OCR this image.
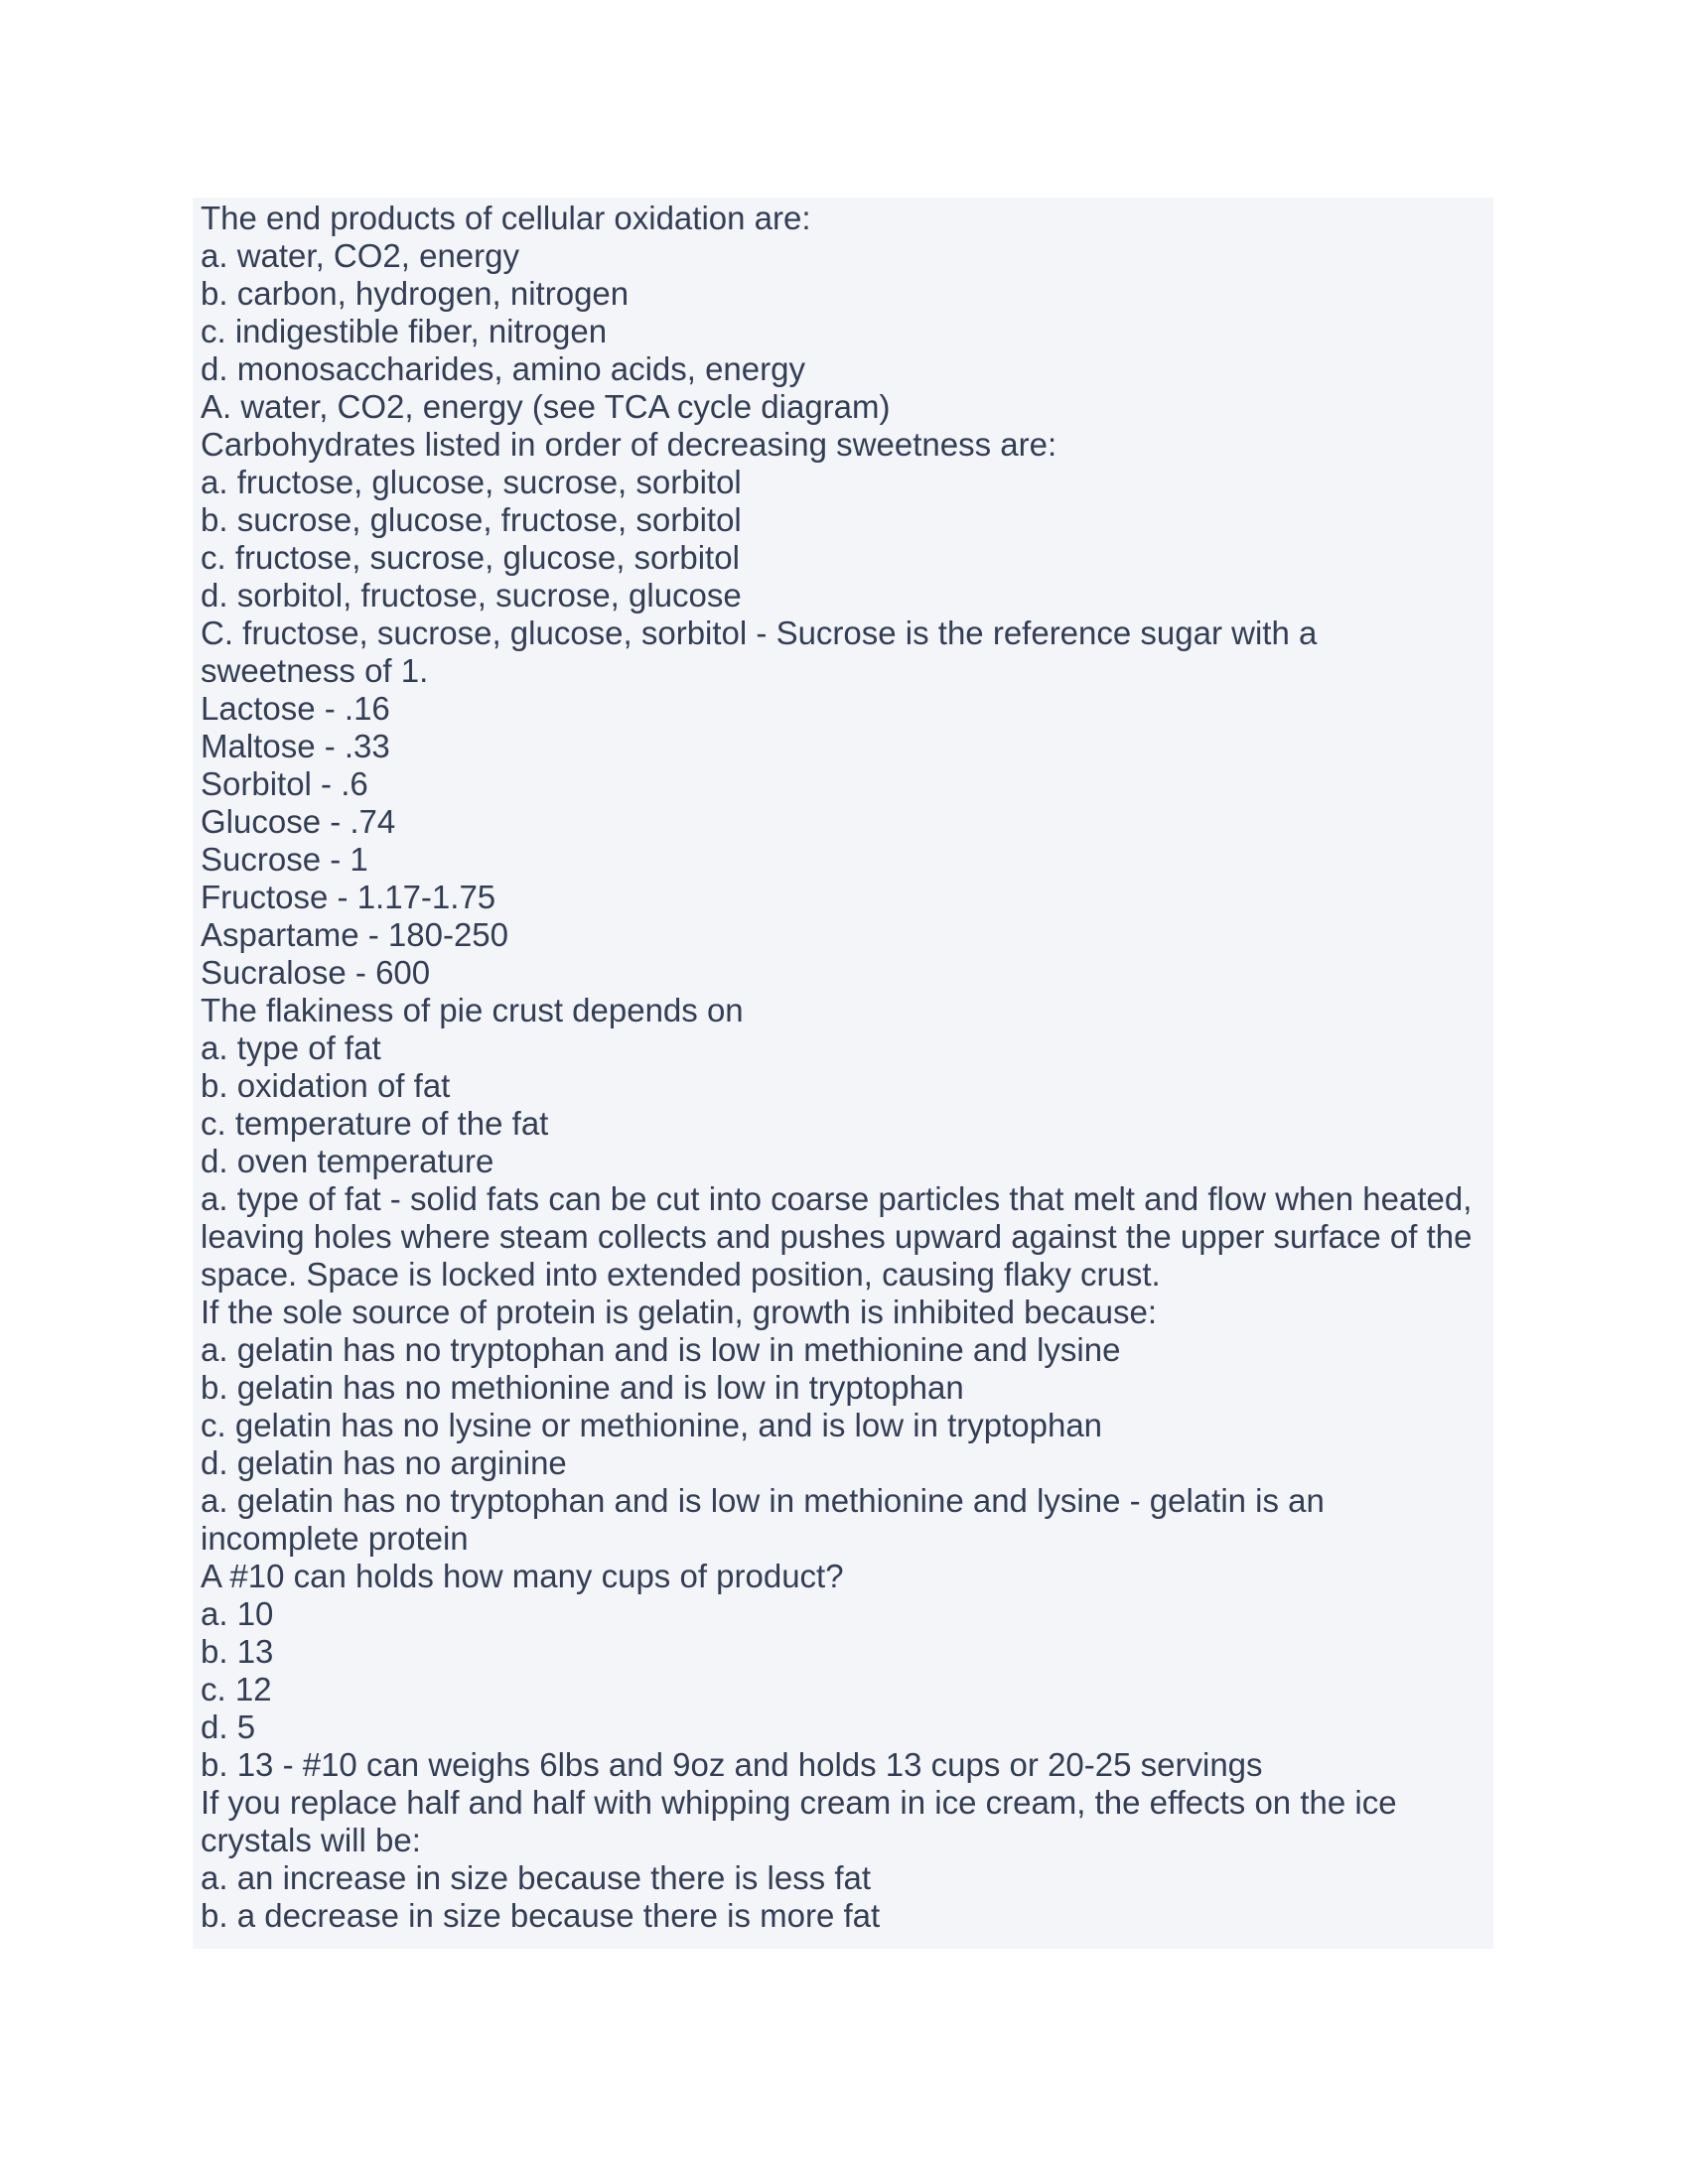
The end products of cellular oxidation are:
a. water, CO2, energy
b. carbon, hydrogen, nitrogen
c. indigestible fiber, nitrogen
d. monosaccharides, amino acids, energy
A. water, CO2, energy (see TCA cycle diagram)
Carbohydrates listed in order of decreasing sweetness are:
a. fructose, glucose, sucrose, sorbitol
b. sucrose, glucose, fructose, sorbitol
c. fructose, sucrose, glucose, sorbitol
d. sorbitol, fructose, sucrose, glucose
C. fructose, sucrose, glucose, sorbitol - Sucrose is the reference sugar with a
sweetness of 1.
Lactose - .16
Maltose - .33
Sorbitol - .6
Glucose - .74
Sucrose - 1
Fructose - 1.17-1.75
Aspartame - 180-250
Sucralose - 600
The flakiness of pie crust depends on
a. type of fat
b. oxidation of fat
c. temperature of the fat
d. oven temperature
a. type of fat - solid fats can be cut into coarse particles that melt and flow when heated,
leaving holes where steam collects and pushes upward against the upper surface of the
space. Space is locked into extended position, causing flaky crust.
If the sole source of protein is gelatin, growth is inhibited because:
a. gelatin has no tryptophan and is low in methionine and lysine
b. gelatin has no methionine and is low in tryptophan
c. gelatin has no lysine or methionine, and is low in tryptophan
d. gelatin has no arginine
a. gelatin has no tryptophan and is low in methionine and lysine - gelatin is an
incomplete protein
A #10 can holds how many cups of product?
a. 10
b. 13
c. 12
d. 5
b. 13 - #10 can weighs 6lbs and 9oz and holds 13 cups or 20-25 servings
If you replace half and half with whipping cream in ice cream, the effects on the ice
crystals will be:
a. an increase in size because there is less fat
b. a decrease in size because there is more fat
